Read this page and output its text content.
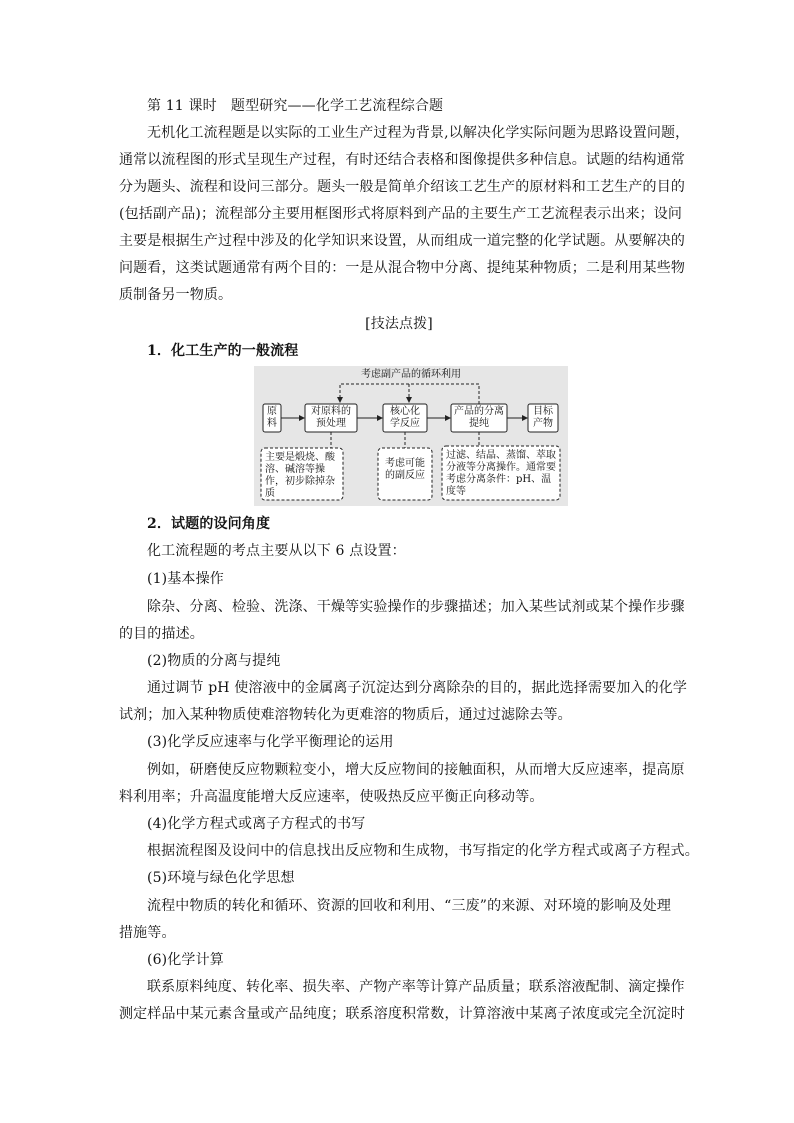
第 11 课时　题型研究——化学工艺流程综合题
无机化工流程题是以实际的工业生产过程为背景,以解决化学实际问题为思路设置问题，
通常以流程图的形式呈现生产过程，有时还结合表格和图像提供多种信息。试题的结构通常
分为题头、流程和设问三部分。题头一般是简单介绍该工艺生产的原材料和工艺生产的目的
(包括副产品)；流程部分主要用框图形式将原料到产品的主要生产工艺流程表示出来；设问
主要是根据生产过程中涉及的化学知识来设置，从而组成一道完整的化学试题。从要解决的
问题看，这类试题通常有两个目的：一是从混合物中分离、提纯某种物质；二是利用某些物
质制备另一物质。
[技法点拨]
1．化工生产的一般流程
考虑副产品的循环利用
原料
对原料的预处理
核心化学反应
产品的分离提纯
目标产物
主要是煅烧、酸溶、碱溶等操作，初步除掉杂质
考虑可能的副反应
过滤、结晶、蒸馏、萃取分液等分离操作。通常要考虑分离条件：pH、温度等
2．试题的设问角度
化工流程题的考点主要从以下 6 点设置：
(1)基本操作
除杂、分离、检验、洗涤、干燥等实验操作的步骤描述；加入某些试剂或某个操作步骤
的目的描述。
(2)物质的分离与提纯
通过调节 pH 使溶液中的金属离子沉淀达到分离除杂的目的，据此选择需要加入的化学
试剂；加入某种物质使难溶物转化为更难溶的物质后，通过过滤除去等。
(3)化学反应速率与化学平衡理论的运用
例如，研磨使反应物颗粒变小，增大反应物间的接触面积，从而增大反应速率，提高原
料利用率；升高温度能增大反应速率，使吸热反应平衡正向移动等。
(4)化学方程式或离子方程式的书写
根据流程图及设问中的信息找出反应物和生成物，书写指定的化学方程式或离子方程式。
(5)环境与绿色化学思想
流程中物质的转化和循环、资源的回收和利用、“三废”的来源、对环境的影响及处理
措施等。
(6)化学计算
联系原料纯度、转化率、损失率、产物产率等计算产品质量；联系溶液配制、滴定操作
测定样品中某元素含量或产品纯度；联系溶度积常数，计算溶液中某离子浓度或完全沉淀时
